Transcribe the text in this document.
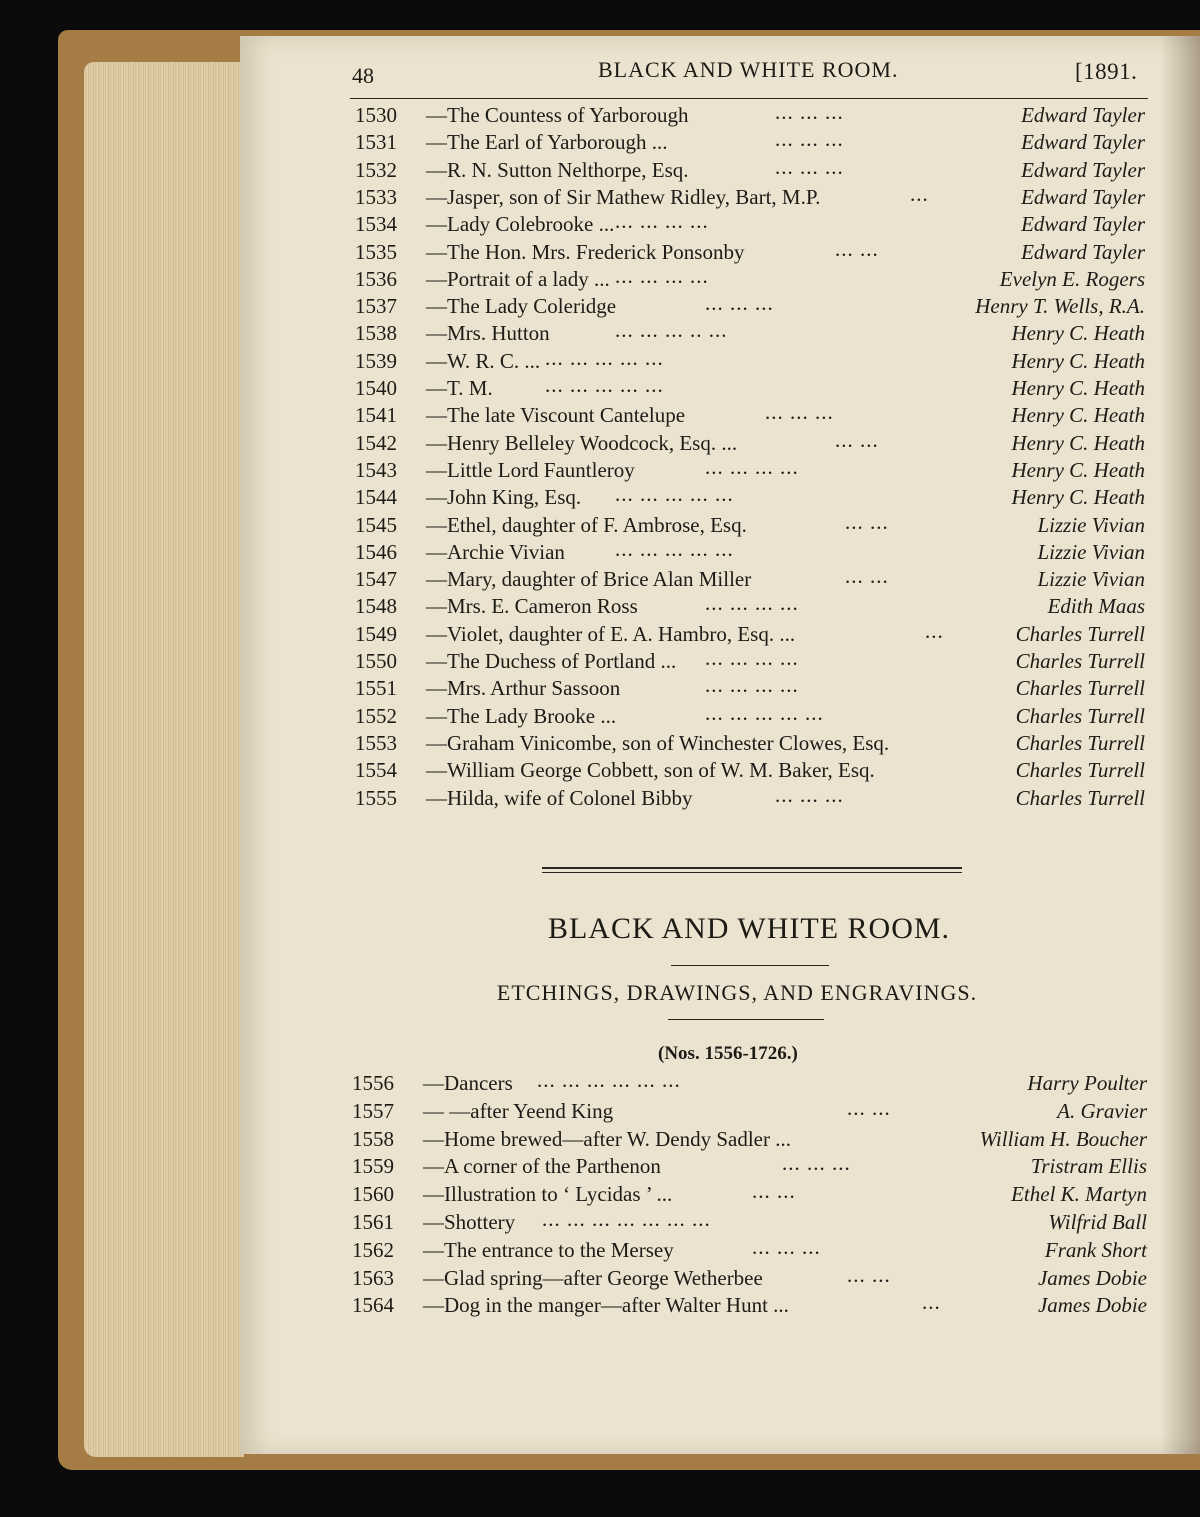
48	BLACK AND WHITE ROOM.	[1891.
1530 —The Countess of Yarborough	... ... ...	Edward Tayler
1531 —The Earl of Yarborough ...	... ... ...	Edward Tayler
1532 —R. N. Sutton Nelthorpe, Esq.	... ... ...	Edward Tayler
1533 —Jasper, son of Sir Mathew Ridley, Bart, M.P.	...	Edward Tayler
1534 —Lady Colebrooke ... ... ... ... ...	Edward Tayler
1535 —The Hon. Mrs. Frederick Ponsonby	... ...	Edward Tayler
1536 —Portrait of a lady ... ... ... ... ...	Evelyn E. Rogers
1537 —The Lady Coleridge	... ... ...	Henry T. Wells, R.A.
1538 —Mrs. Hutton	... ... ... .. ...	Henry C. Heath
1539 —W. R. C. ... ... ... ... ... ...	Henry C. Heath
1540 —T. M. ... ... ... ... ...	Henry C. Heath
1541 —The late Viscount Cantelupe	... ... ...	Henry C. Heath
1542 —Henry Belleley Woodcock, Esq. ...	... ...	Henry C. Heath
1543 —Little Lord Fauntleroy	... ... ... ...	Henry C. Heath
1544 —John King, Esq. ... ... ... ... ...	Henry C. Heath
1545 —Ethel, daughter of F. Ambrose, Esq.	... ...	Lizzie Vivian
1546 —Archie Vivian ... ... ... ... ...	Lizzie Vivian
1547 —Mary, daughter of Brice Alan Miller	... ...	Lizzie Vivian
1548 —Mrs. E. Cameron Ross	... ... ... ...	Edith Maas
1549 —Violet, daughter of E. A. Hambro, Esq. ...	...	Charles Turrell
1550 —The Duchess of Portland ... ... ... ... ...	Charles Turrell
1551 —Mrs. Arthur Sassoon	... ... ... ...	Charles Turrell
1552 —The Lady Brooke ...	... ... ... ... ...	Charles Turrell
1553 —Graham Vinicombe, son of Winchester Clowes, Esq.	Charles Turrell
1554 —William George Cobbett, son of W. M. Baker, Esq.	Charles Turrell
1555 —Hilda, wife of Colonel Bibby	... ... ...	Charles Turrell
BLACK AND WHITE ROOM.
ETCHINGS, DRAWINGS, AND ENGRAVINGS.
(Nos. 1556-1726.)
1556 —Dancers ... ... ... ... ... ...	Harry Poulter
1557 — —after Yeend King	... ...	A. Gravier
1558 —Home brewed—after W. Dendy Sadler ...	William H. Boucher
1559 —A corner of the Parthenon	... ... ...	Tristram Ellis
1560 —Illustration to ‘ Lycidas ’ ...	... ...	Ethel K. Martyn
1561 —Shottery ... ... ... ... ... ... ...	Wilfrid Ball
1562 —The entrance to the Mersey	... ... ...	Frank Short
1563 —Glad spring—after George Wetherbee	... ...	James Dobie
1564 —Dog in the manger—after Walter Hunt ...	...	James Dobie
